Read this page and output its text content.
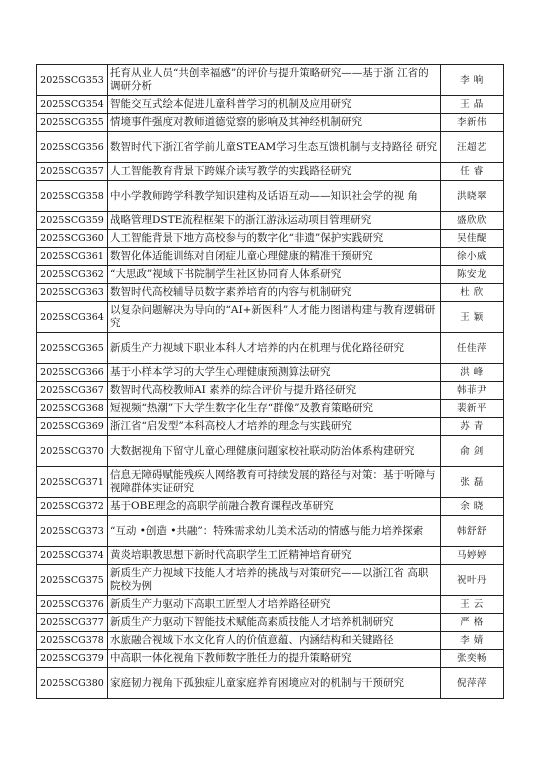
2025SCG353	托育从业人员“共创幸福感”的评价与提升策略研究——基于浙 江省的调研分析	李 响
2025SCG354	智能交互式绘本促进儿童科普学习的机制及应用研究	王 晶
2025SCG355	情境事件强度对教师道德觉察的影响及其神经机制研究	李新伟
2025SCG356	数智时代下浙江省学前儿童STEAM学习生态互馈机制与支持路径 研究	汪超艺
2025SCG357	人工智能教育背景下跨媒介读写教学的实践路径研究	任 睿
2025SCG358	中小学教师跨学科教学知识建构及话语互动——知识社会学的视 角	洪晓翠
2025SCG359	战略管理DSTE流程框架下的浙江游泳运动项目管理研究	盛欣欣
2025SCG360	人工智能背景下地方高校参与的数字化“非遗”保护实践研究	吴佳醍
2025SCG361	数智化体适能训练对自闭症儿童心理健康的精准干预研究	徐小威
2025SCG362	“大思政”视域下书院制学生社区协同育人体系研究	陈安龙
2025SCG363	数智时代高校辅导员数字素养培育的内容与机制研究	杜 欣
2025SCG364	以复杂问题解决为导向的“AI+新医科”人才能力图谱构建与教育逻辑研究	王 颖
2025SCG365	新质生产力视域下职业本科人才培养的内在机理与优化路径研究	任佳萍
2025SCG366	基于小样本学习的大学生心理健康预测算法研究	洪 峰
2025SCG367	数智时代高校教师AI 素养的综合评价与提升路径研究	韩菲尹
2025SCG368	短视频“热潮”下大学生数字化生存“群像”及教育策略研究	裴新平
2025SCG369	浙江省“启发型”本科高校人才培养的理念与实践研究	苏 青
2025SCG370	大数据视角下留守儿童心理健康问题家校社联动防治体系构建研究	俞 剑
2025SCG371	信息无障碍赋能残疾人网络教育可持续发展的路径与对策：基于听障与视障群体实证研究	张 磊
2025SCG372	基于OBE理念的高职学前融合教育课程改革研究	余 晓
2025SCG373	“互动 •创造 •共融”：特殊需求幼儿美术活动的情感与能力培养探索	韩舒舒
2025SCG374	黄炎培职教思想下新时代高职学生工匠精神培育研究	马婷婷
2025SCG375	新质生产力视域下技能人才培养的挑战与对策研究——以浙江省 高职院校为例	祝叶丹
2025SCG376	新质生产力驱动下高职工匠型人才培养路径研究	王 云
2025SCG377	新质生产力驱动下智能技术赋能高素质技能人才培养机制研究	严 格
2025SCG378	水旅融合视域下水文化育人的价值意蕴、内涵结构和关键路径	李 婧
2025SCG379	中高职一体化视角下教师数字胜任力的提升策略研究	张奕畅
2025SCG380	家庭韧力视角下孤独症儿童家庭养育困境应对的机制与干预研究	倪萍萍
